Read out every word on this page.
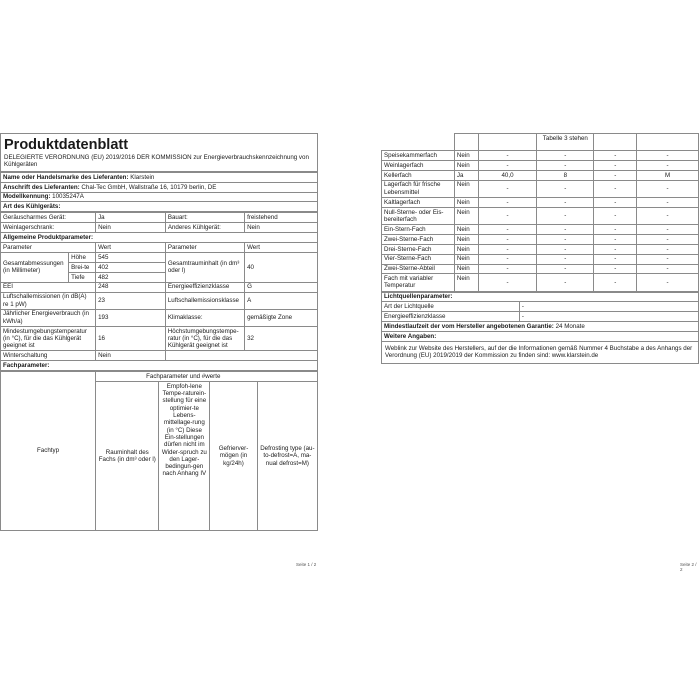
Produktdatenblatt
DELEGIERTE VERORDNUNG (EU) 2019/2016 DER KOMMISSION zur Energieverbrauchskennzeichnung von Kühlgeräten
Name oder Handelsmarke des Lieferanten: Klarstein
Anschrift des Lieferanten: Chal-Tec GmbH, Wallstraße 16, 10179 berlin, DE
Modellkennung: 10035247A
Art des Kühlgeräts:
Geräuscharmes Gerät:		Ja	Bauart:	freistehend
Weinlagerschrank:		Nein	Anderes Kühlgerät:	Nein
Allgemeine Produktparameter:				
Parameter		Wert	Parameter	Wert
Gesamtabmessungen (in Millimeter)	Höhe	545	Gesamtrauminhalt (in dm³ oder l)	40
	Brei-te	402		
	Tiefe	482		
EEI		248	Energieeffizienzklasse	G
Luftschallemissionen (in dB(A) re 1 pW)		23	Luftschallemissionsklasse	A
Jährlicher Energieverbrauch (in kWh/a)		193	Klimaklasse:	gemäßigte Zone
Mindestumgebungstemperatur (in °C), für die das Kühlgerät geeignet ist		16	Höchstumgebungstempe-ratur (in °C), für die das Kühlgerät geeignet ist	32
Winterschaltung		Nein		
Fachparameter:				
Fachtyp	Fachparameter und #werte			
	Rauminhalt des Fachs (in dm³ oder l)	Empfoh-lene Tempe-raturein-stellung für eine optimier-te Lebens-mittellage-rung (in °C) Diese Ein-stellungen dürfen nicht im Wider-spruch zu den Lager-bedingun-gen nach Anhang IV	Gefrierver-mögen (in kg/24h)	Defrosting type (au-to-defrost=A, ma-nual defrost=M)
Seite 1 / 2
			Tabelle 3 stehen		
Speisekammerfach	Nein	-	-	-	-
Weinlagerfach	Nein	-	-	-	-
Kellerfach	Ja	40,0	8	-	M
Lagerfach für frische Lebensmittel	Nein	-	-	-	-
Kaltlagerfach	Nein	-	-	-	-
Null-Sterne- oder Eis-bereiterfach	Nein	-	-	-	-
Ein-Stern-Fach	Nein	-	-	-	-
Zwei-Sterne-Fach	Nein	-	-	-	-
Drei-Sterne-Fach	Nein	-	-	-	-
Vier-Sterne-Fach	Nein	-	-	-	-
Zwei-Sterne-Abteil	Nein	-	-	-	-
Fach mit variabler Temperatur	Nein	-	-	-	-
Lichtquellenparameter:	
Art der Lichtquelle	-
Energieeffizienzklasse	-
Mindestlaufzeit der vom Hersteller angebotenen Garantie: 24 Monate	
Weitere Angaben:	
Weblink zur Website des Herstellers, auf der die Informationen gemäß Nummer 4 Buchstabe a des Anhangs der Verordnung (EU) 2019/2019 der Kommission zu finden sind: www.klarstein.de	
Seite 2 / 2
